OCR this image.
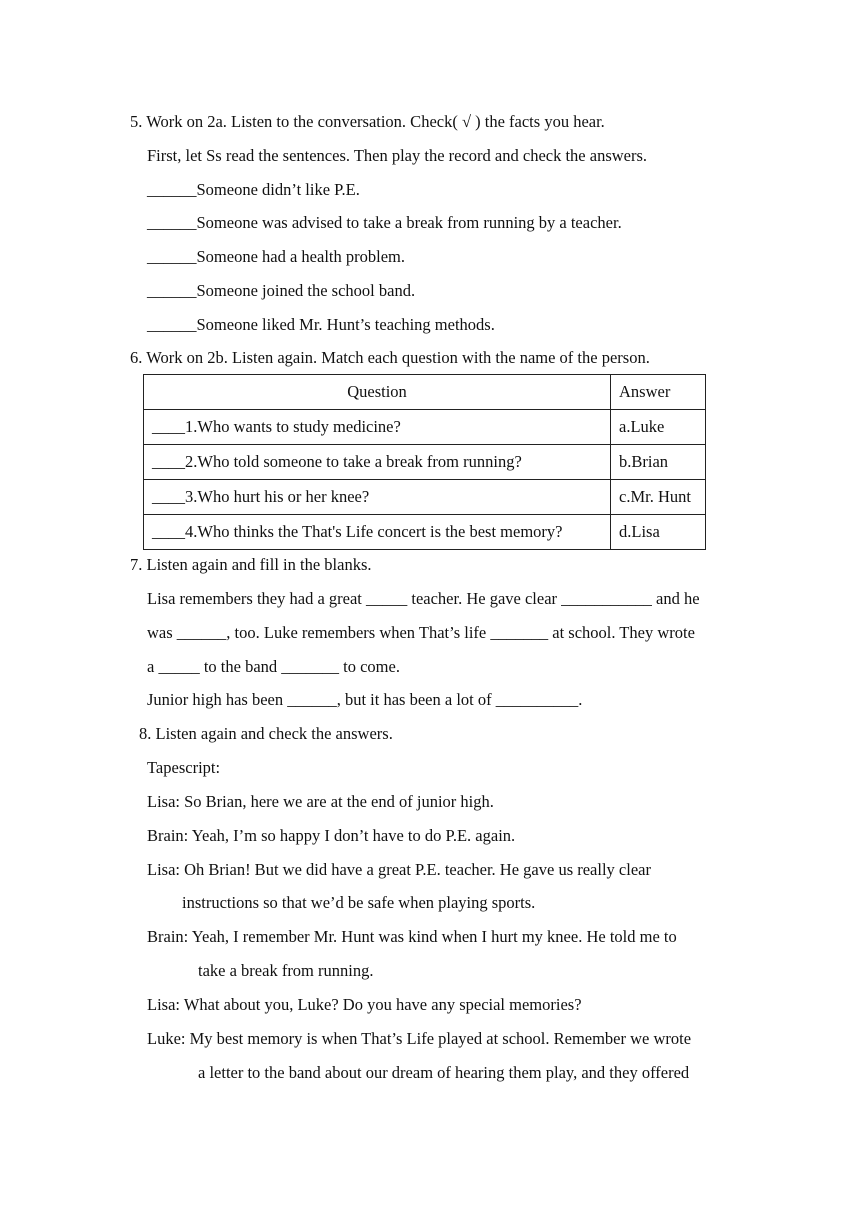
5. Work on 2a. Listen to the conversation. Check( √ ) the facts you hear.
First, let Ss read the sentences. Then play the record and check the answers.
______Someone didn’t like P.E.
______Someone was advised to take a break from running by a teacher.
______Someone had a health problem.
______Someone joined the school band.
______Someone liked Mr. Hunt’s teaching methods.
6. Work on 2b. Listen again. Match each question with the name of the person.
Question	Answer
____1.Who wants to study medicine?	a.Luke
____2.Who told someone to take a break from running?	b.Brian
____3.Who hurt his or her knee?	c.Mr. Hunt
____4.Who thinks the That's Life concert is the best memory?	d.Lisa
7. Listen again and fill in the blanks.
Lisa remembers they had a great _____ teacher. He gave clear ___________ and he
was ______, too. Luke remembers when That’s life _______ at school. They wrote
a _____ to the band _______ to come.
Junior high has been ______, but it has been a lot of __________.
8. Listen again and check the answers.
Tapescript:
Lisa: So Brian, here we are at the end of junior high.
Brain: Yeah, I’m so happy I don’t have to do P.E. again.
Lisa: Oh Brian! But we did have a great P.E. teacher. He gave us really clear
instructions so that we’d be safe when playing sports.
Brain: Yeah, I remember Mr. Hunt was kind when I hurt my knee. He told me to
take a break from running.
Lisa: What about you, Luke? Do you have any special memories?
Luke: My best memory is when That’s Life played at school. Remember we wrote
a letter to the band about our dream of hearing them play, and they offered
